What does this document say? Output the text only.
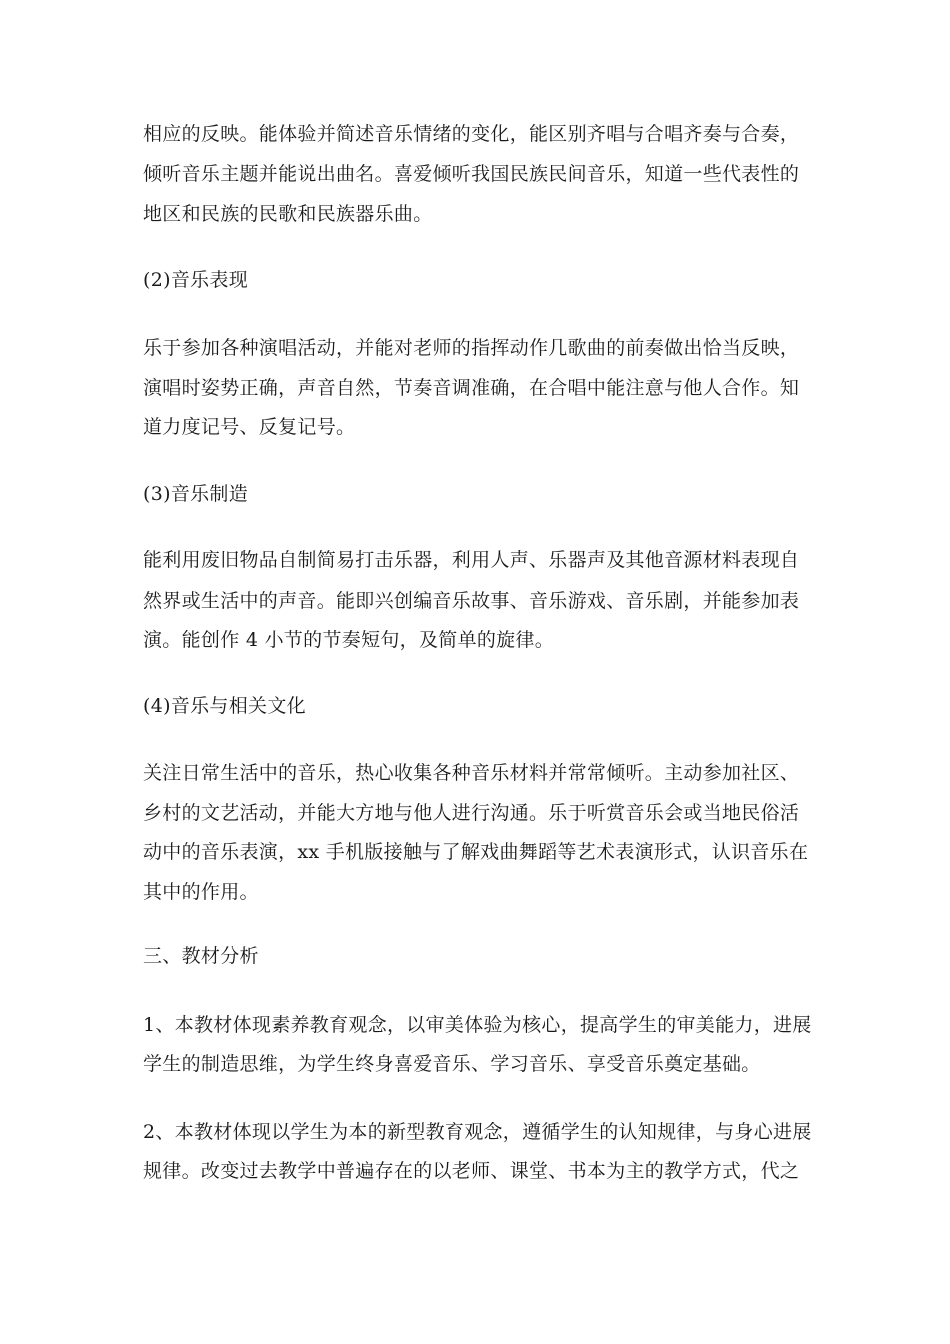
相应的反映。能体验并简述音乐情绪的变化，能区别齐唱与合唱齐奏与合奏，
倾听音乐主题并能说出曲名。喜爱倾听我国民族民间音乐，知道一些代表性的
地区和民族的民歌和民族器乐曲。
(2)音乐表现
乐于参加各种演唱活动，并能对老师的指挥动作几歌曲的前奏做出恰当反映，
演唱时姿势正确，声音自然，节奏音调准确，在合唱中能注意与他人合作。知
道力度记号、反复记号。
(3)音乐制造
能利用废旧物品自制简易打击乐器，利用人声、乐器声及其他音源材料表现自
然界或生活中的声音。能即兴创编音乐故事、音乐游戏、音乐剧，并能参加表
演。能创作 4 小节的节奏短句，及简单的旋律。
(4)音乐与相关文化
关注日常生活中的音乐，热心收集各种音乐材料并常常倾听。主动参加社区、
乡村的文艺活动，并能大方地与他人进行沟通。乐于听赏音乐会或当地民俗活
动中的音乐表演，xx 手机版接触与了解戏曲舞蹈等艺术表演形式，认识音乐在
其中的作用。
三、教材分析
1、本教材体现素养教育观念，以审美体验为核心，提高学生的审美能力，进展
学生的制造思维，为学生终身喜爱音乐、学习音乐、享受音乐奠定基础。
2、本教材体现以学生为本的新型教育观念，遵循学生的认知规律，与身心进展
规律。改变过去教学中普遍存在的以老师、课堂、书本为主的教学方式，代之
